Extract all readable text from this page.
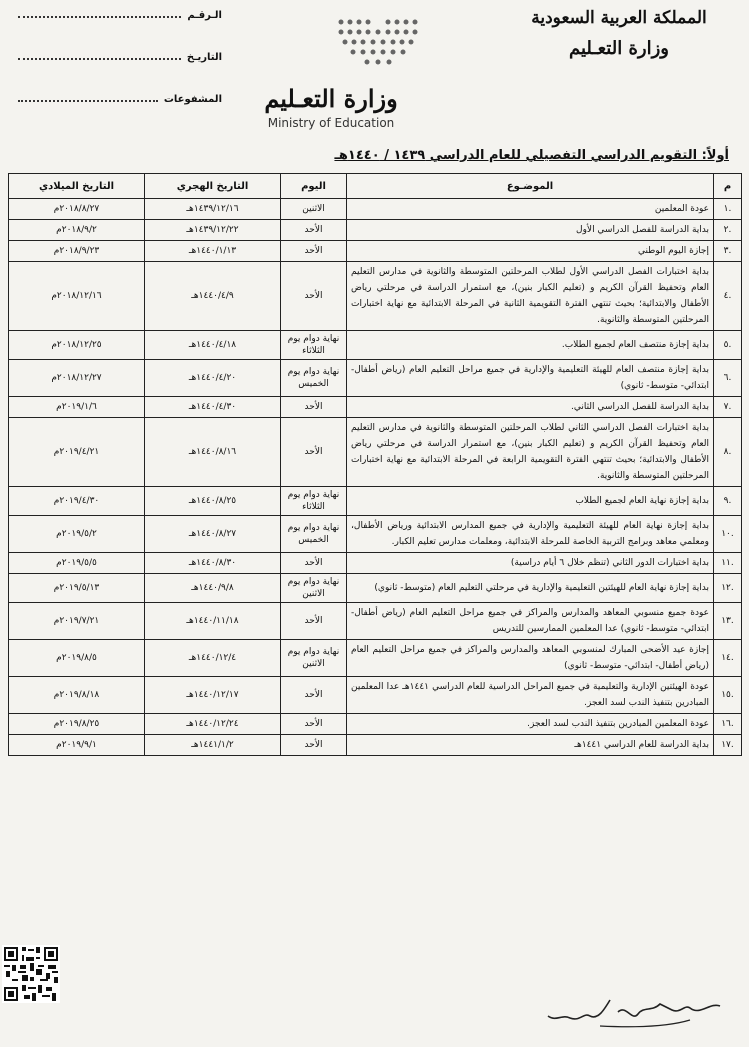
المملكة العربية السعودية
وزارة التعـليم
الـرقـم
التاريـخ
المشفوعات	وزارة التعـليم
Ministry of Education
أولاً: التقويم الدراسي التفصيلي للعام الدراسي ١٤٣٩ / ١٤٤٠هـ
م	الموضـوع	اليوم	التاريخ الهجري	التاريخ الميلادي
.١	عودة المعلمين	الاثنين	١٤٣٩/١٢/١٦هـ	٢٠١٨/٨/٢٧م
.٢	بداية الدراسة للفصل الدراسي الأول	الأحد	١٤٣٩/١٢/٢٢هـ	٢٠١٨/٩/٢م
.٣	إجازة اليوم الوطني	الأحد	١٤٤٠/١/١٣هـ	٢٠١٨/٩/٢٣م
.٤	بداية اختبارات الفصل الدراسي الأول لطلاب المرحلتين المتوسطة والثانوية في مدارس التعليم العام وتحفيظ القرآن الكريم و (تعليم الكبار بنين)، مع استمرار الدراسة في مرحلتي رياض الأطفال والابتدائية؛ بحيث تنتهي الفترة التقويمية الثانية في المرحلة الابتدائية مع نهاية اختبارات المرحلتين المتوسطة والثانوية.	الأحد	١٤٤٠/٤/٩هـ	٢٠١٨/١٢/١٦م
.٥	بداية إجازة منتصف العام لجميع الطلاب.	نهاية دوام يوم الثلاثاء	١٤٤٠/٤/١٨هـ	٢٠١٨/١٢/٢٥م
.٦	بداية إجازة منتصف العام للهيئة التعليمية والإدارية في جميع مراحل التعليم العام (رياض أطفال- ابتدائي- متوسط- ثانوي)	نهاية دوام يوم الخميس	١٤٤٠/٤/٢٠هـ	٢٠١٨/١٢/٢٧م
.٧	بداية الدراسة للفصل الدراسي الثاني.	الأحد	١٤٤٠/٤/٣٠هـ	٢٠١٩/١/٦م
.٨	بداية اختبارات الفصل الدراسي الثاني لطلاب المرحلتين المتوسطة والثانوية في مدارس التعليم العام وتحفيظ القرآن الكريم و (تعليم الكبار بنين)، مع استمرار الدراسة في مرحلتي رياض الأطفال والابتدائية؛ بحيث تنتهي الفترة التقويمية الرابعة في المرحلة الابتدائية مع نهاية اختبارات المرحلتين المتوسطة والثانوية.	الأحد	١٤٤٠/٨/١٦هـ	٢٠١٩/٤/٢١م
.٩	بداية إجازة نهاية العام لجميع الطلاب	نهاية دوام يوم الثلاثاء	١٤٤٠/٨/٢٥هـ	٢٠١٩/٤/٣٠م
.١٠	بداية إجازة نهاية العام للهيئة التعليمية والإدارية في جميع المدارس الابتدائية ورياض الأطفال، ومعلمي معاهد وبرامج التربية الخاصة للمرحلة الابتدائية، ومعلمات مدارس تعليم الكبار.	نهاية دوام يوم الخميس	١٤٤٠/٨/٢٧هـ	٢٠١٩/٥/٢م
.١١	بداية اختبارات الدور الثاني (تنظم خلال ٦ أيام دراسية)	الأحد	١٤٤٠/٨/٣٠هـ	٢٠١٩/٥/٥م
.١٢	بداية إجازة نهاية العام للهيئتين التعليمية والإدارية في مرحلتي التعليم العام (متوسط- ثانوي)	نهاية دوام يوم الاثنين	١٤٤٠/٩/٨هـ	٢٠١٩/٥/١٣م
.١٣	عودة جميع منسوبي المعاهد والمدارس والمراكز في جميع مراحل التعليم العام (رياض أطفال- ابتدائي- متوسط- ثانوي) عدا المعلمين الممارسين للتدريس	الأحد	١٤٤٠/١١/١٨هـ	٢٠١٩/٧/٢١م
.١٤	إجازة عيد الأضحى المبارك لمنسوبي المعاهد والمدارس والمراكز في جميع مراحل التعليم العام (رياض أطفال- ابتدائي- متوسط- ثانوي)	نهاية دوام يوم الاثنين	١٤٤٠/١٢/٤هـ	٢٠١٩/٨/٥م
.١٥	عودة الهيئتين الإدارية والتعليمية في جميع المراحل الدراسية للعام الدراسي ١٤٤١هـ عدا المعلمين المبادرين بتنفيذ الندب لسد العجز.	الأحد	١٤٤٠/١٢/١٧هـ	٢٠١٩/٨/١٨م
.١٦	عودة المعلمين المبادرين بتنفيذ الندب لسد العجز.	الأحد	١٤٤٠/١٢/٢٤هـ	٢٠١٩/٨/٢٥م
.١٧	بداية الدراسة للعام الدراسي ١٤٤١هـ	الأحد	١٤٤١/١/٢هـ	٢٠١٩/٩/١م
